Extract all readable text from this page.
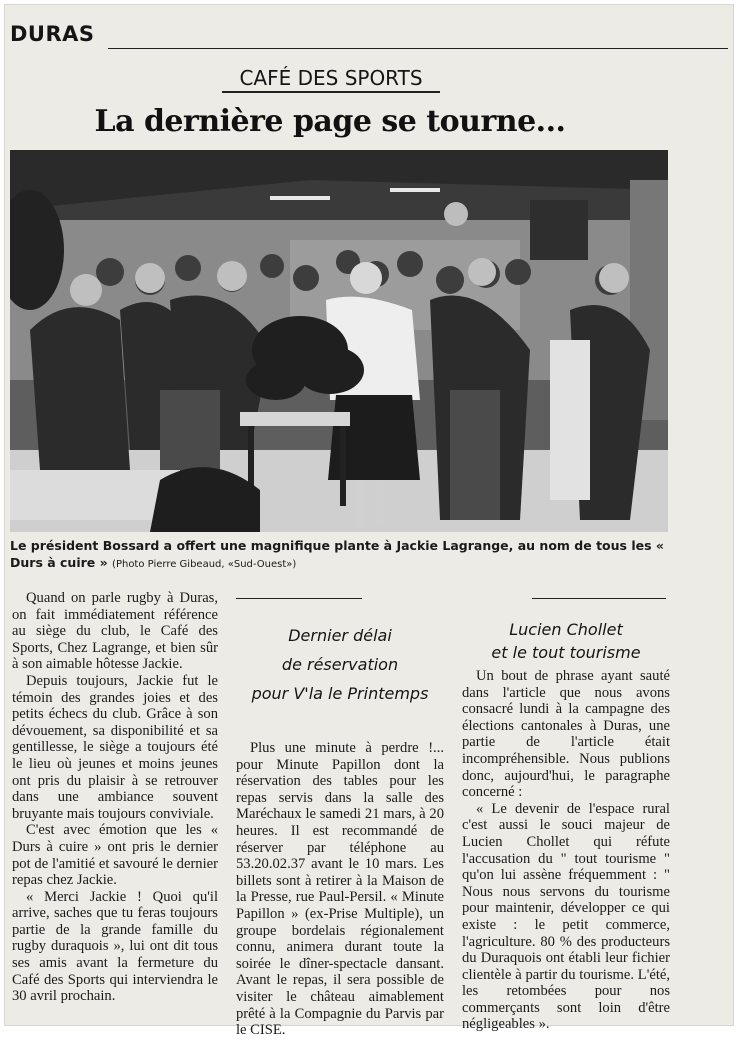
DURAS
CAFÉ DES SPORTS
La dernière page se tourne...
Le président Bossard a offert une magnifique plante à Jackie Lagrange, au nom de tous les « Durs à cuire » (Photo Pierre Gibeaud, «Sud-Ouest»)

Quand on parle rugby à Duras, on fait immédiatement référence au siège du club, le Café des Sports, Chez Lagrange, et bien sûr à son aimable hôtesse Jackie.

Depuis toujours, Jackie fut le témoin des grandes joies et des petits échecs du club. Grâce à son dévouement, sa disponibilité et sa gentillesse, le siège a toujours été le lieu où jeunes et moins jeunes ont pris du plaisir à se retrouver dans une ambiance souvent bruyante mais toujours conviviale.

C'est avec émotion que les « Durs à cuire » ont pris le dernier pot de l'amitié et savouré le dernier repas chez Jackie.

« Merci Jackie ! Quoi qu'il arrive, saches que tu feras toujours partie de la grande famille du rugby duraquois », lui ont dit tous ses amis avant la fermeture du Café des Sports qui interviendra le 30 avril prochain.

Dernier délai
de réservation
pour V'la le Printemps

Plus une minute à perdre !... pour Minute Papillon dont la réservation des tables pour les repas servis dans la salle des Maréchaux le samedi 21 mars, à 20 heures. Il est recommandé de réserver par téléphone au 53.20.02.37 avant le 10 mars. Les billets sont à retirer à la Maison de la Presse, rue Paul-Persil. « Minute Papillon » (ex-Prise Multiple), un groupe bordelais régionalement connu, animera durant toute la soirée le dîner-spectacle dansant. Avant le repas, il sera possible de visiter le château aimablement prêté à la Compagnie du Parvis par le CISE.

Lucien Chollet
et le tout tourisme

Un bout de phrase ayant sauté dans l'article que nous avons consacré lundi à la campagne des élections cantonales à Duras, une partie de l'article était incompréhensible. Nous publions donc, aujourd'hui, le paragraphe concerné :

« Le devenir de l'espace rural c'est aussi le souci majeur de Lucien Chollet qui réfute l'accusation du " tout tourisme " qu'on lui assène fréquemment : " Nous nous servons du tourisme pour maintenir, développer ce qui existe : le petit commerce, l'agriculture. 80 % des producteurs du Duraquois ont établi leur fichier clientèle à partir du tourisme. L'été, les retombées pour nos commerçants sont loin d'être négligeables ».
